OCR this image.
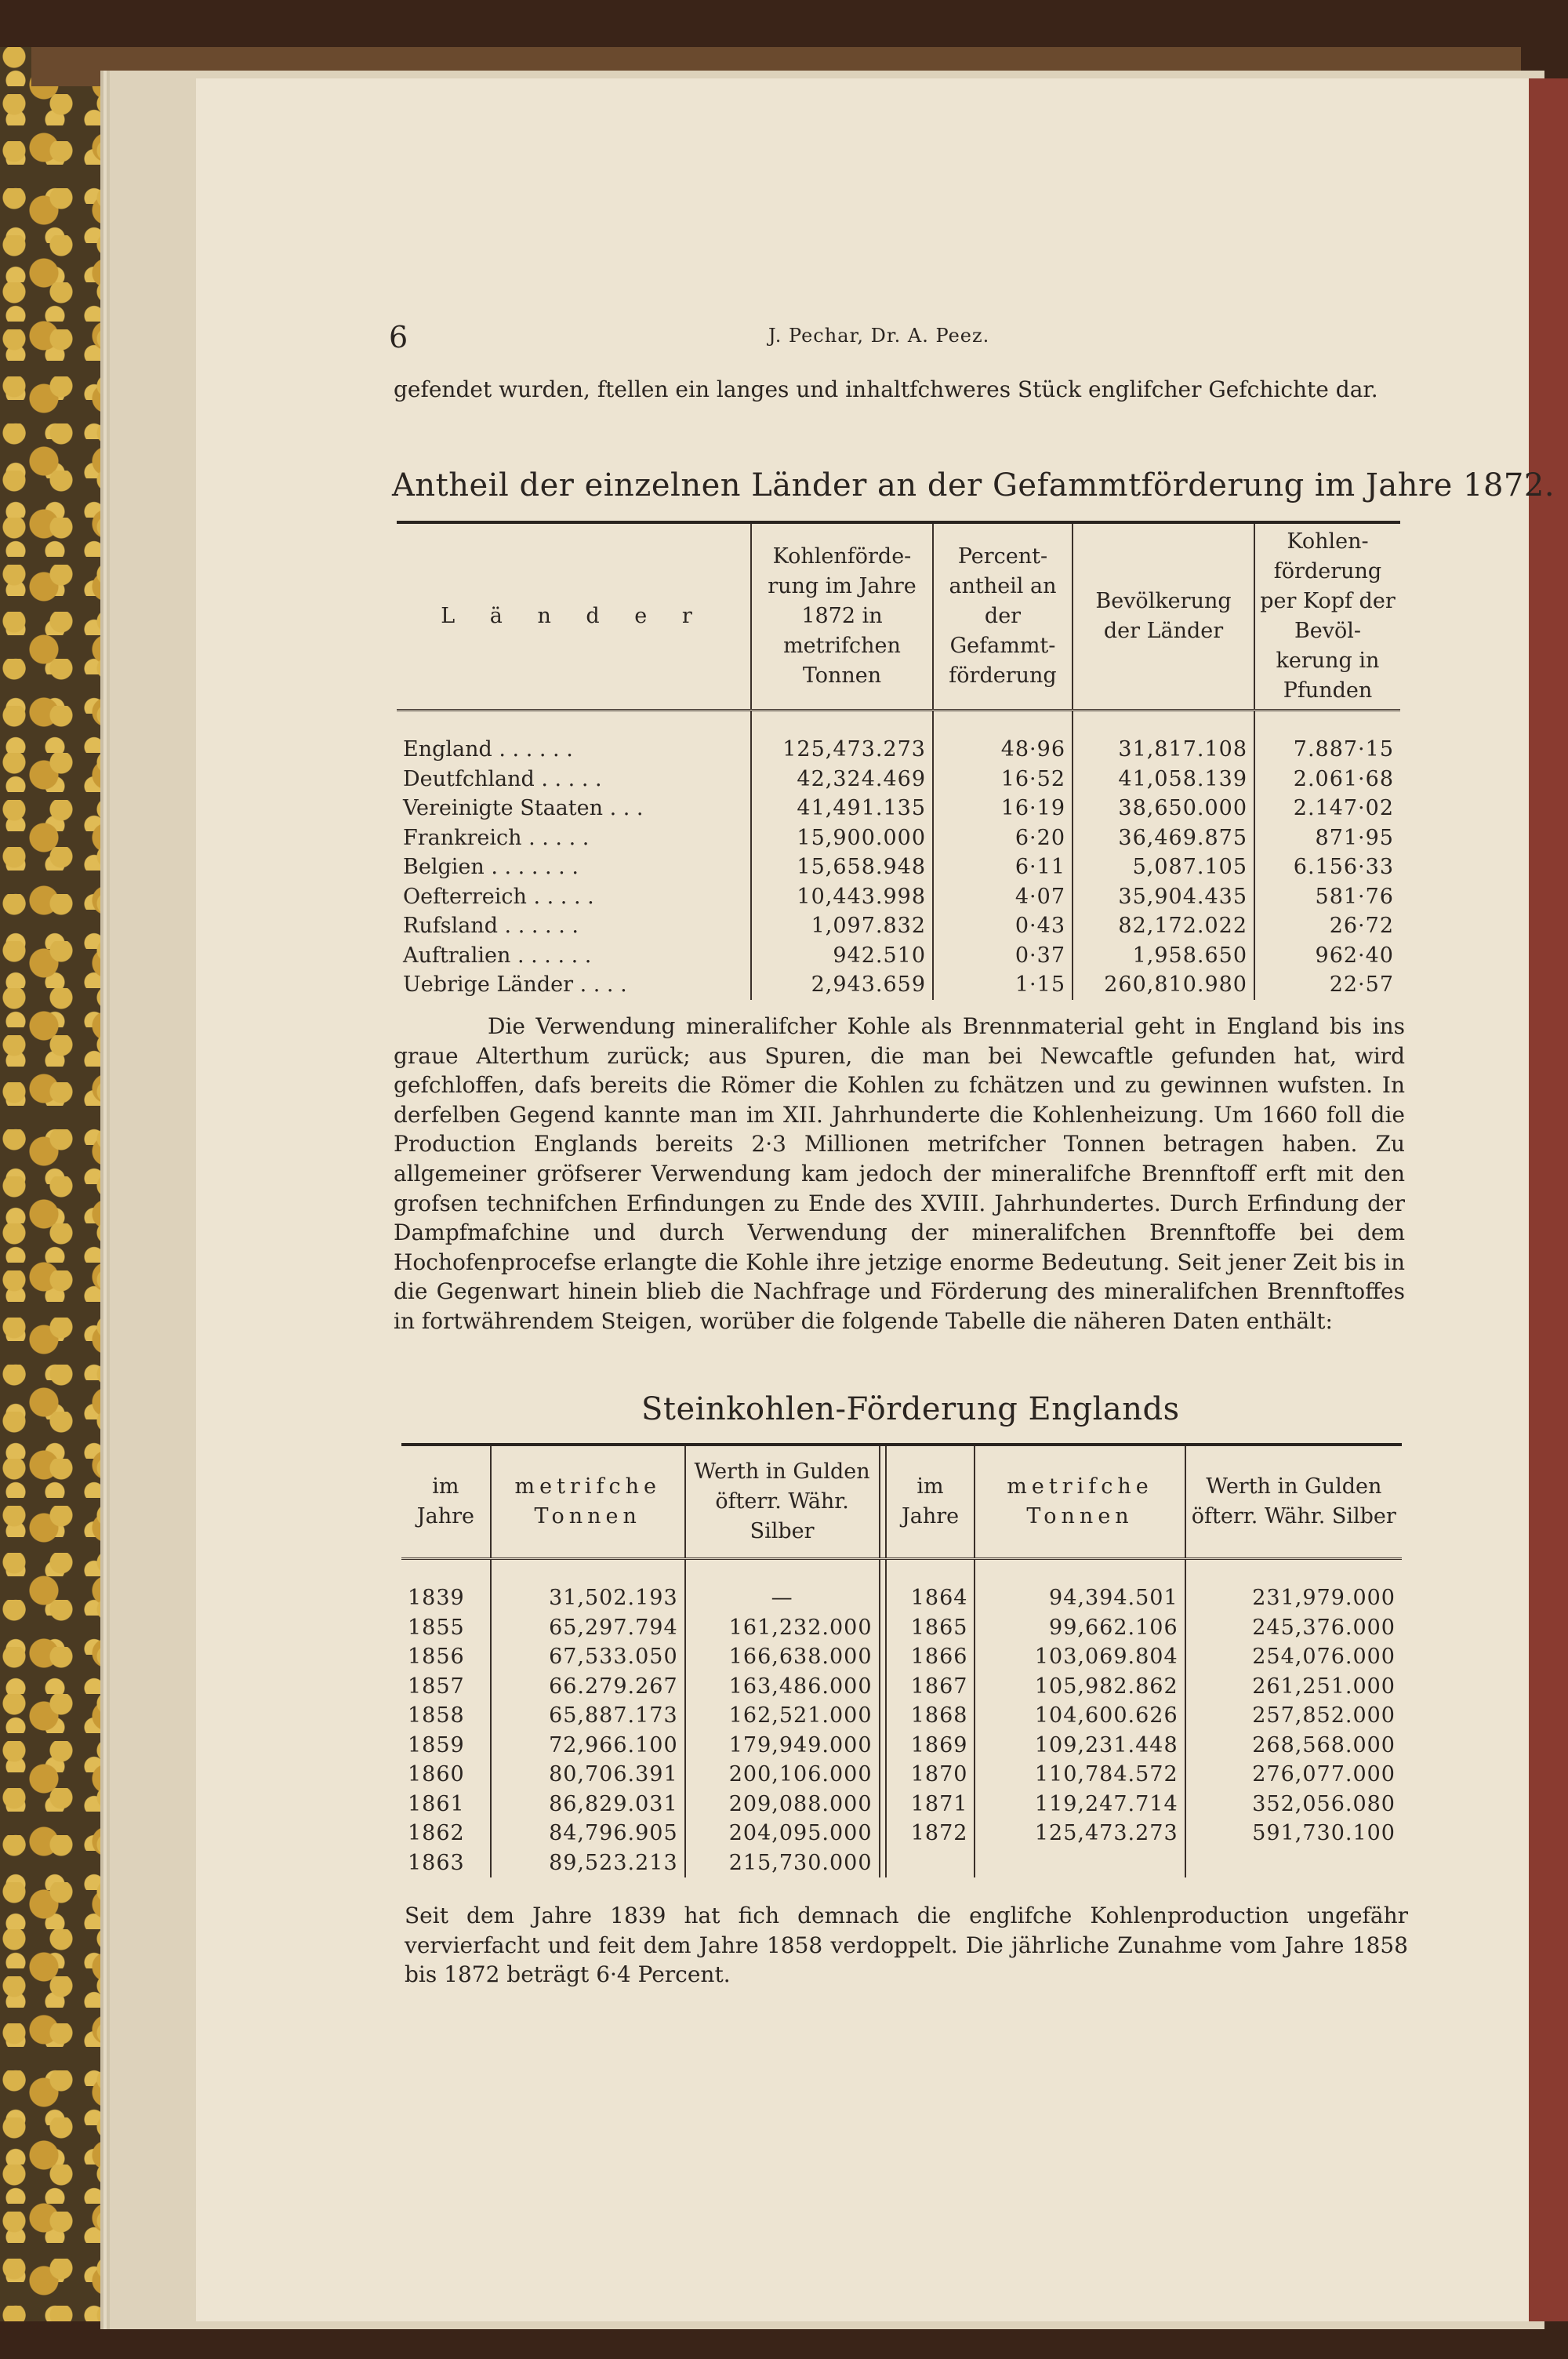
6	J. Pechar, Dr. A. Peez.
gefendet wurden, ftellen ein langes und inhaltfchweres Stück englifcher Gefchichte dar.
Antheil der einzelnen Länder an der Gefammtförderung im Jahre 1872.
L ä n d e r	Kohlenförde- rung im Jahre 1872 in metrifchen Tonnen	Percent- antheil an der Gefammt- förderung	Bevölkerung der Länder	Kohlen- förderung per Kopf der Bevöl- kerung in Pfunden

England . . . . . .	125,473.273	48·96	31,817.108	7.887·15
Deutfchland . . . . .	42,324.469	16·52	41,058.139	2.061·68
Vereinigte Staaten . . .	41,491.135	16·19	38,650.000	2.147·02
Frankreich . . . . .	15,900.000	6·20	36,469.875	871·95
Belgien . . . . . . .	15,658.948	6·11	5,087.105	6.156·33
Oefterreich . . . . .	10,443.998	4·07	35,904.435	581·76
Rufsland . . . . . .	1,097.832	0·43	82,172.022	26·72
Auftralien . . . . . .	942.510	0·37	1,958.650	962·40
Uebrige Länder . . . .	2,943.659	1·15	260,810.980	22·57

Die Verwendung mineralifcher Kohle als Brennmaterial geht in England bis ins graue Alterthum zurück; aus Spuren, die man bei Newcaftle gefunden hat, wird gefchloffen, dafs bereits die Römer die Kohlen zu fchätzen und zu gewinnen wufsten. In derfelben Gegend kannte man im XII. Jahrhunderte die Kohlenheizung. Um 1660 foll die Production Englands bereits 2·3 Millionen metrifcher Tonnen betragen haben. Zu allgemeiner gröfserer Verwendung kam jedoch der mineralifche Brennftoff erft mit den grofsen technifchen Erfindungen zu Ende des XVIII. Jahrhundertes. Durch Erfindung der Dampfmafchine und durch Verwendung der mineralifchen Brennftoffe bei dem Hochofenprocefse erlangte die Kohle ihre jetzige enorme Bedeutung. Seit jener Zeit bis in die Gegenwart hinein blieb die Nachfrage und Förderung des mineralifchen Brennftoffes in fortwährendem Steigen, worüber die folgende Tabelle die näheren Daten enthält:

Steinkohlen-Förderung Englands
im Jahre	metrifche Tonnen	Werth in Gulden öfterr. Währ. Silber		im Jahre	metrifche Tonnen	Werth in Gulden öfterr. Währ. Silber

1839	31,502.193	—		1864	94,394.501	231,979.000
1855	65,297.794	161,232.000		1865	99,662.106	245,376.000
1856	67,533.050	166,638.000		1866	103,069.804	254,076.000
1857	66.279.267	163,486.000		1867	105,982.862	261,251.000
1858	65,887.173	162,521.000		1868	104,600.626	257,852.000
1859	72,966.100	179,949.000		1869	109,231.448	268,568.000
1860	80,706.391	200,106.000		1870	110,784.572	276,077.000
1861	86,829.031	209,088.000		1871	119,247.714	352,056.080
1862	84,796.905	204,095.000		1872	125,473.273	591,730.100
1863	89,523.213	215,730.000				

Seit dem Jahre 1839 hat fich demnach die englifche Kohlenproduction ungefähr vervierfacht und feit dem Jahre 1858 verdoppelt. Die jährliche Zunahme vom Jahre 1858 bis 1872 beträgt 6·4 Percent.
